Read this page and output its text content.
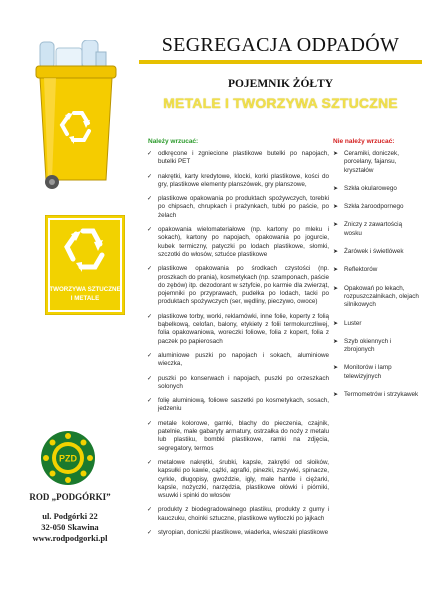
TWORZYWA SZTUCZNE
I METALE
PZD
ROD „PODGÓRKI”
ul. Podgórki 22
32-050 Skawina
www.rodpodgorki.pl
SEGREGACJA ODPADÓW
POJEMNIK ŻÓŁTY
METALE I TWORZYWA SZTUCZNE
Należy wrzucać:	Nie należy wrzucać:
✓ odkręcone i zgniecione plastikowe butelki po napojach, butelki PET
✓ nakrętki, karty kredytowe, klocki, korki plastikowe, kości do gry, plastikowe elementy planszówek, gry planszowe,
✓ plastikowe opakowania po produktach spożywczych, torebki po chipsach, chrupkach i prażynkach, tubki po paście, po żelach
✓ opakowania wielomateriałowe (np. kartony po mleku i sokach), kartony po napojach, opakowania po jogurcie, kubek termiczny, patyczki po lodach plastikowe, słomki, szczotki do włosów, sztućce plastikowe
✓ plastikowe opakowania po środkach czystości (np. proszkach do prania), kosmetykach (np. szamponach, paście do zębów) itp. dezodorant w sztyfcie, po karmie dla zwierząt, pojemniki po przyprawach, pudełka po lodach, tacki po produktach spożywczych (ser, wędliny, pieczywo, owoce)
✓ plastikowe torby, worki, reklamówki, inne folie, koperty z folią bąbelkową, celofan, balony, etykiety z folii termokurczliwej, folia opakowaniowa, woreczki foliowe, folia z kopert, folia z paczek po papierosach
✓ aluminiowe puszki po napojach i sokach, aluminiowe wieczka,
✓ puszki po konserwach i napojach, puszki po orzeszkach solonych
✓ folię aluminiową, foliowe saszetki po kosmetykach, sosach, jedzeniu
✓ metale kolorowe, garnki, blachy do pieczenia, czajnik, patelnie, małe gabaryty armatury, ostrzałka do noży z metalu lub plastiku, bombki plastikowe, ramki na zdjęcia, segregatory, termos
✓ metalowe nakrętki, śrubki, kapsle, zakrętki od słoików, kapsułki po kawie, cążki, agrafki, pinezki, zszywki, spinacze, cyrkle, długopisy, gwoździe, igły, małe hantle i ciężarki, kapsle, nożyczki, narzędzia, plastikowe ołówki i piórniki, wsuwki i spinki do włosów
✓ produkty z biodegradowalnego plastiku, produkty z gumy i kauczuku, choinki sztuczne, plastikowe wytłoczki po jajkach
✓ styropian, doniczki plastikowe, wiaderka, wieszaki plastikowe
➤ Ceramiki, doniczek, porcelany, fajansu, kryształów
➤ Szkła okularowego
➤ Szkła żaroodpornego
➤ Zniczy z zawartością wosku
➤ Żarówek i świetlówek
➤ Reflektorów
➤ Opakowań po lekach, rozpuszczalnikach, olejach silnikowych
➤ Luster
➤ Szyb okiennych i zbrojonych
➤ Monitorów i lamp telewizyjnych
➤ Termometrów i strzykawek
